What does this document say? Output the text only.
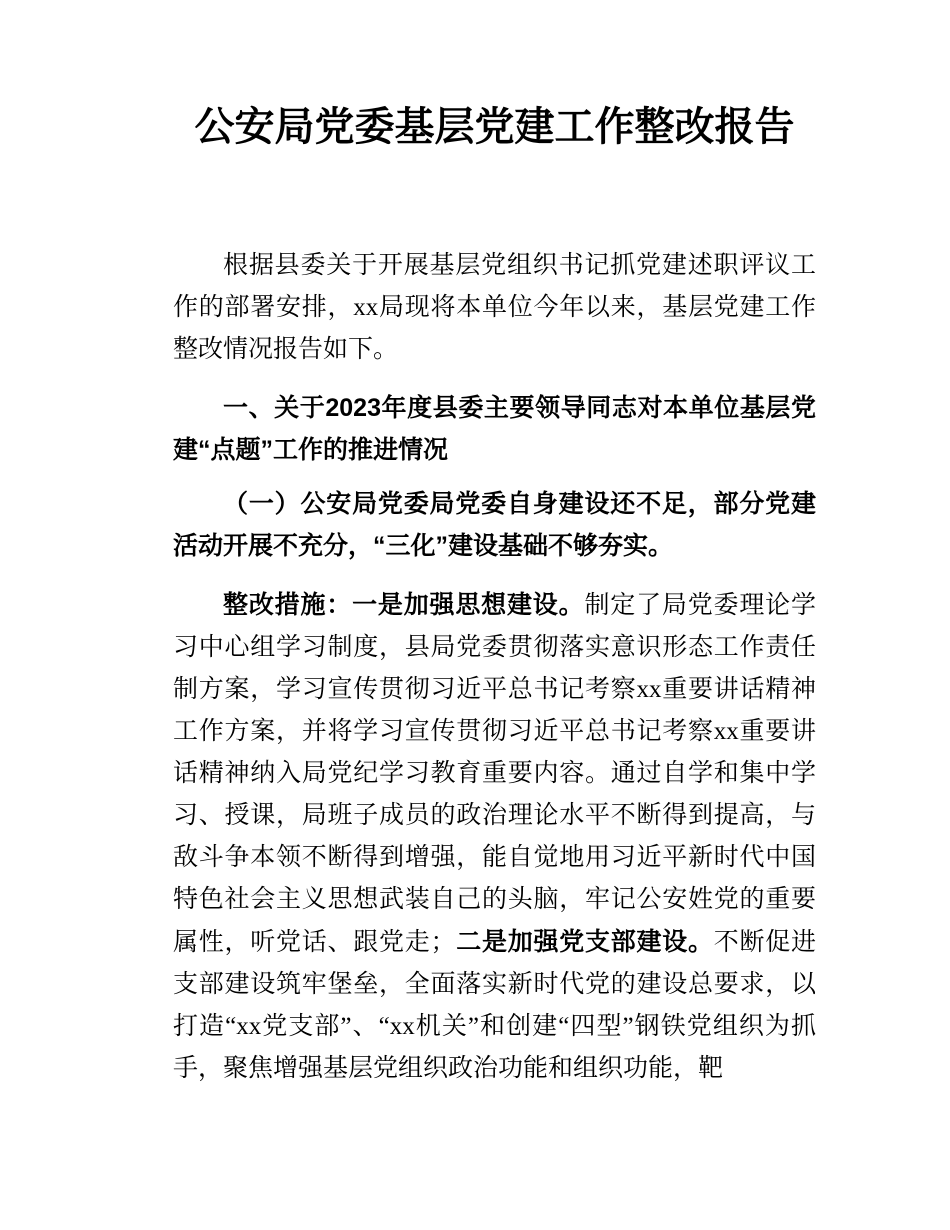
公安局党委基层党建工作整改报告

根据县委关于开展基层党组织书记抓党建述职评议工作的部署安排，xx局现将本单位今年以来，基层党建工作整改情况报告如下。

一、关于2023年度县委主要领导同志对本单位基层党建“点题”工作的推进情况

（一）公安局党委局党委自身建设还不足，部分党建活动开展不充分，“三化”建设基础不够夯实。

整改措施：一是加强思想建设。制定了局党委理论学习中心组学习制度，县局党委贯彻落实意识形态工作责任制方案，学习宣传贯彻习近平总书记考察xx重要讲话精神工作方案，并将学习宣传贯彻习近平总书记考察xx重要讲话精神纳入局党纪学习教育重要内容。通过自学和集中学习、授课，局班子成员的政治理论水平不断得到提高，与敌斗争本领不断得到增强，能自觉地用习近平新时代中国特色社会主义思想武装自己的头脑，牢记公安姓党的重要属性，听党话、跟党走；二是加强党支部建设。不断促进支部建设筑牢堡垒，全面落实新时代党的建设总要求，以打造“xx党支部”、“xx机关”和创建“四型”钢铁党组织为抓手，聚焦增强基层党组织政治功能和组织功能，靶
